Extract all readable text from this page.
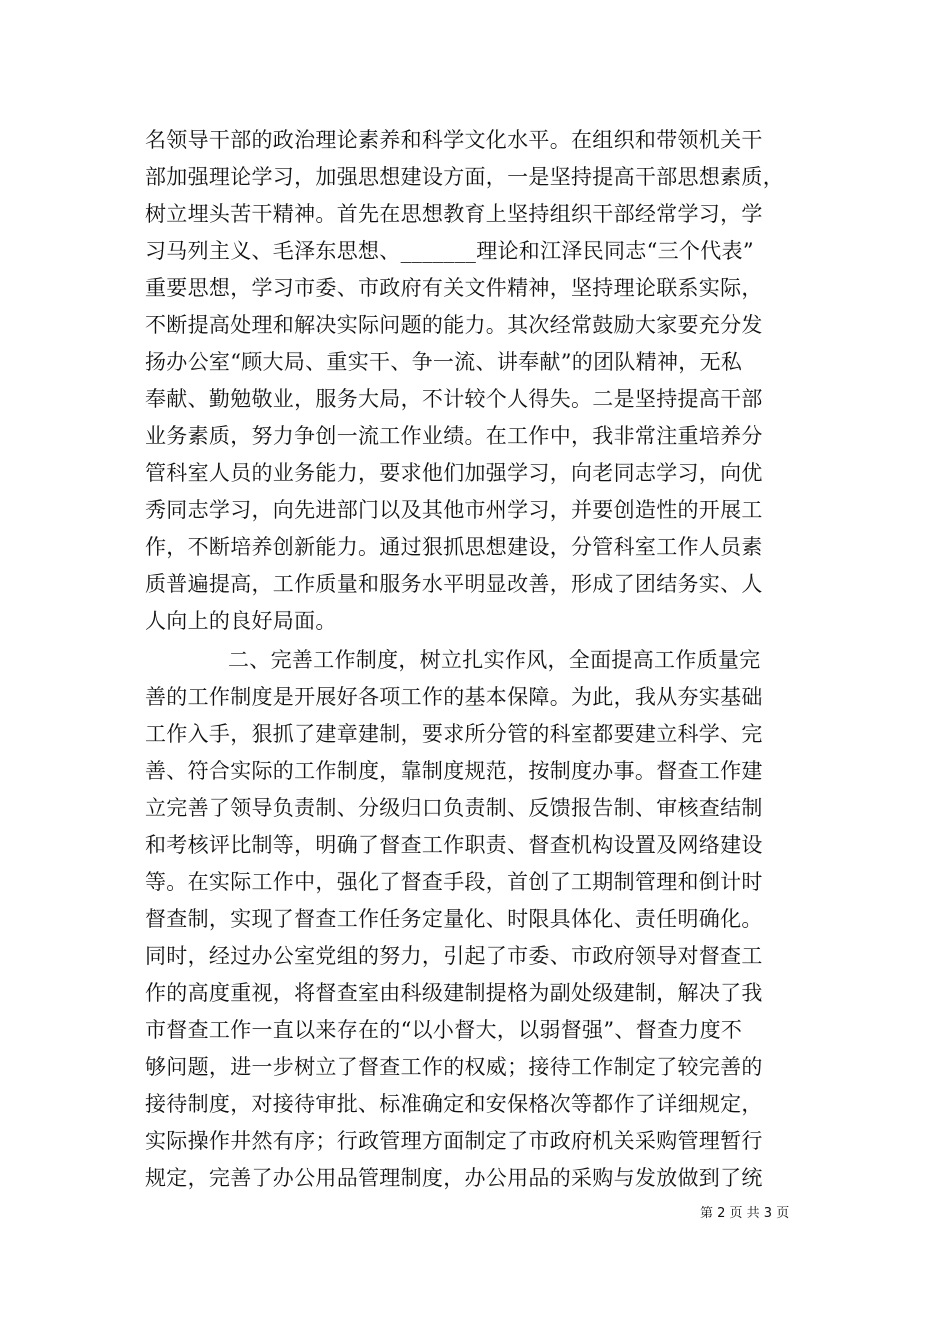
名领导干部的政治理论素养和科学文化水平。在组织和带领机关干
部加强理论学习，加强思想建设方面，一是坚持提高干部思想素质，
树立埋头苦干精神。首先在思想教育上坚持组织干部经常学习，学
习马列主义、毛泽东思想、_______理论和江泽民同志“三个代表”
重要思想，学习市委、市政府有关文件精神，坚持理论联系实际，
不断提高处理和解决实际问题的能力。其次经常鼓励大家要充分发
扬办公室“顾大局、重实干、争一流、讲奉献”的团队精神，无私
奉献、勤勉敬业，服务大局，不计较个人得失。二是坚持提高干部
业务素质，努力争创一流工作业绩。在工作中，我非常注重培养分
管科室人员的业务能力，要求他们加强学习，向老同志学习，向优
秀同志学习，向先进部门以及其他市州学习，并要创造性的开展工
作，不断培养创新能力。通过狠抓思想建设，分管科室工作人员素
质普遍提高，工作质量和服务水平明显改善，形成了团结务实、人
人向上的良好局面。
二、完善工作制度，树立扎实作风，全面提高工作质量完
善的工作制度是开展好各项工作的基本保障。为此，我从夯实基础
工作入手，狠抓了建章建制，要求所分管的科室都要建立科学、完
善、符合实际的工作制度，靠制度规范，按制度办事。督查工作建
立完善了领导负责制、分级归口负责制、反馈报告制、审核查结制
和考核评比制等，明确了督查工作职责、督查机构设置及网络建设
等。在实际工作中，强化了督查手段，首创了工期制管理和倒计时
督查制，实现了督查工作任务定量化、时限具体化、责任明确化。
同时，经过办公室党组的努力，引起了市委、市政府领导对督查工
作的高度重视，将督查室由科级建制提格为副处级建制，解决了我
市督查工作一直以来存在的“以小督大，以弱督强”、督查力度不
够问题，进一步树立了督查工作的权威；接待工作制定了较完善的
接待制度，对接待审批、标准确定和安保格次等都作了详细规定，
实际操作井然有序；行政管理方面制定了市政府机关采购管理暂行
规定，完善了办公用品管理制度，办公用品的采购与发放做到了统
第 2 页 共 3 页
